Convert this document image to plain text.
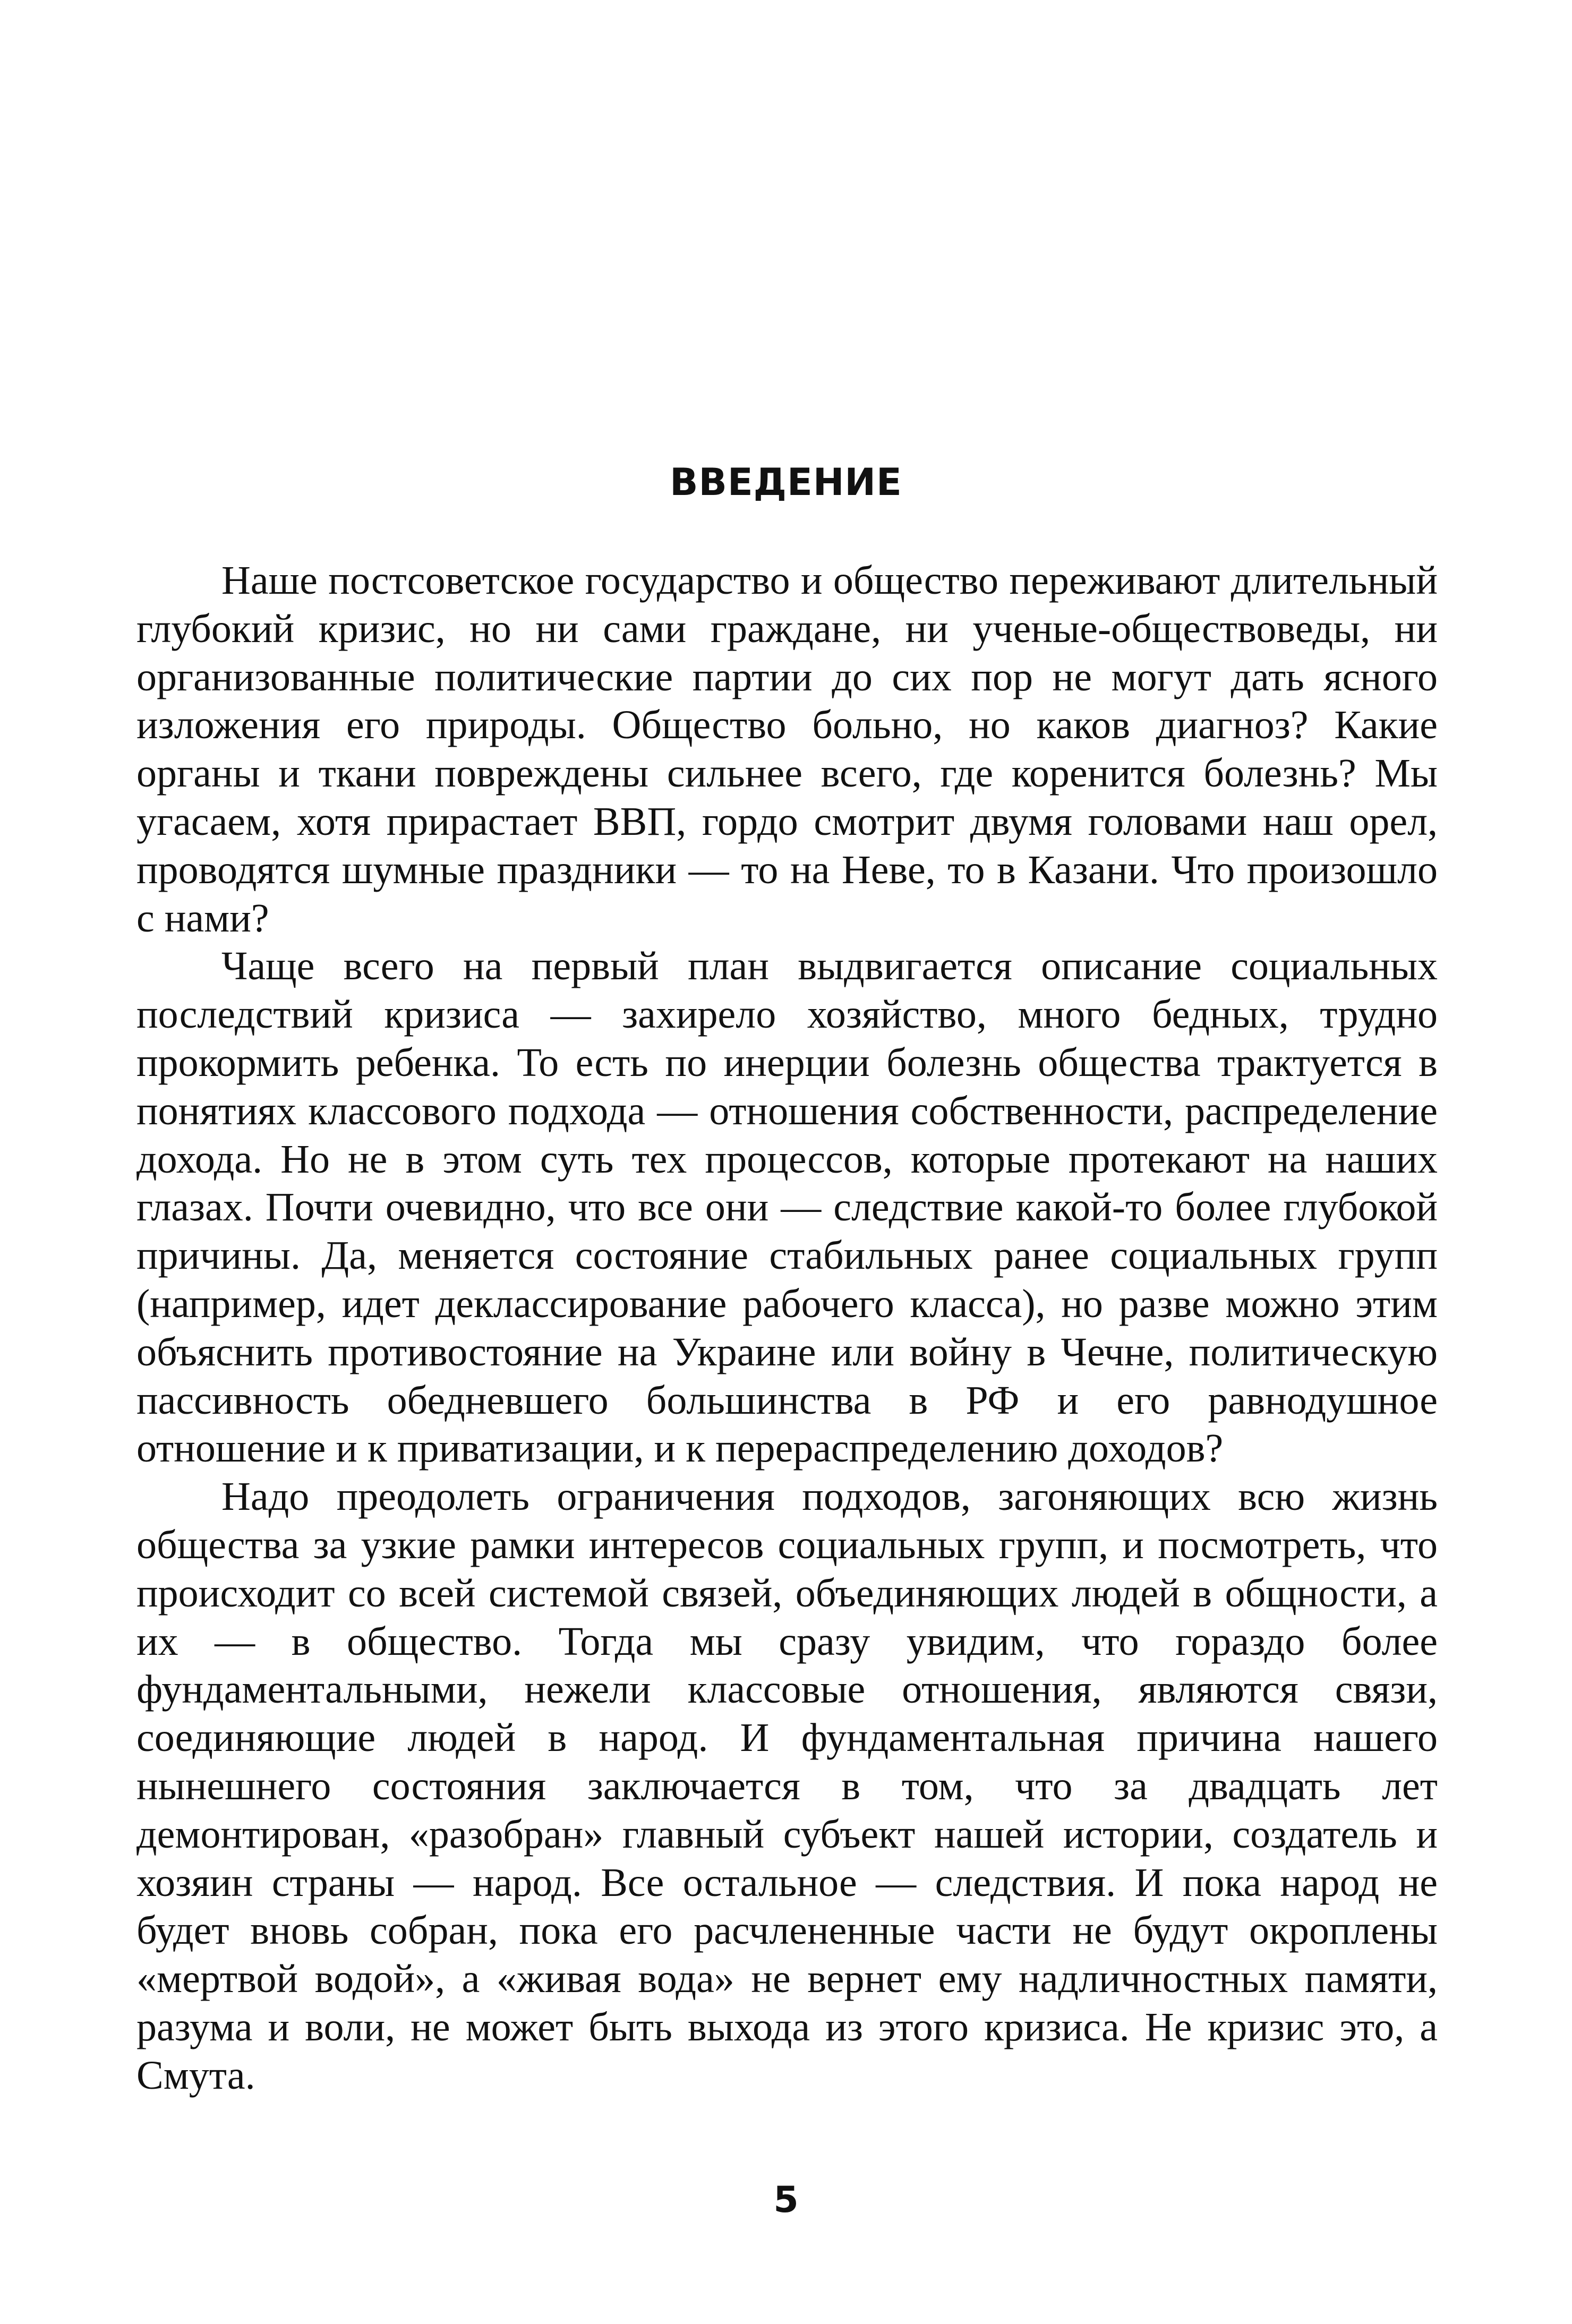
ВВЕДЕНИЕ

Наше постсоветское государство и общество переживают длительный глубокий кризис, но ни сами граждане, ни ученые-обществоведы, ни организованные политические партии до сих пор не могут дать ясного изложения его природы. Общество больно, но каков диагноз? Какие органы и ткани повреждены сильнее всего, где коренится болезнь? Мы угасаем, хотя прирастает ВВП, гордо смотрит двумя головами наш орел, проводятся шумные праздники — то на Неве, то в Казани. Что произошло с нами?

Чаще всего на первый план выдвигается описание социальных последствий кризиса — захирело хозяйство, много бедных, трудно прокормить ребенка. То есть по инерции болезнь общества трактуется в понятиях классового подхода — отношения собственности, распределение дохода. Но не в этом суть тех процессов, которые протекают на наших глазах. Почти очевидно, что все они — следствие какой-то более глубокой причины. Да, меняется состояние стабильных ранее социальных групп (например, идет деклассирование рабочего класса), но разве можно этим объяснить противостояние на Украине или войну в Чечне, политическую пассивность обедневшего большинства в РФ и его равнодушное отношение и к приватизации, и к перераспределению доходов?

Надо преодолеть ограничения подходов, загоняющих всю жизнь общества за узкие рамки интересов социальных групп, и посмотреть, что происходит со всей системой связей, объединяющих людей в общности, а их — в общество. Тогда мы сразу увидим, что гораздо более фундаментальными, нежели классовые отношения, являются связи, соединяющие людей в народ. И фундаментальная причина нашего нынешнего состояния заключается в том, что за двадцать лет демонтирован, «разобран» главный субъект нашей истории, создатель и хозяин страны — народ. Все остальное — следствия. И пока народ не будет вновь собран, пока его расчлененные части не будут окроплены «мертвой водой», а «живая вода» не вернет ему надличностных памяти, разума и воли, не может быть выхода из этого кризиса. Не кризис это, а Смута.

5
